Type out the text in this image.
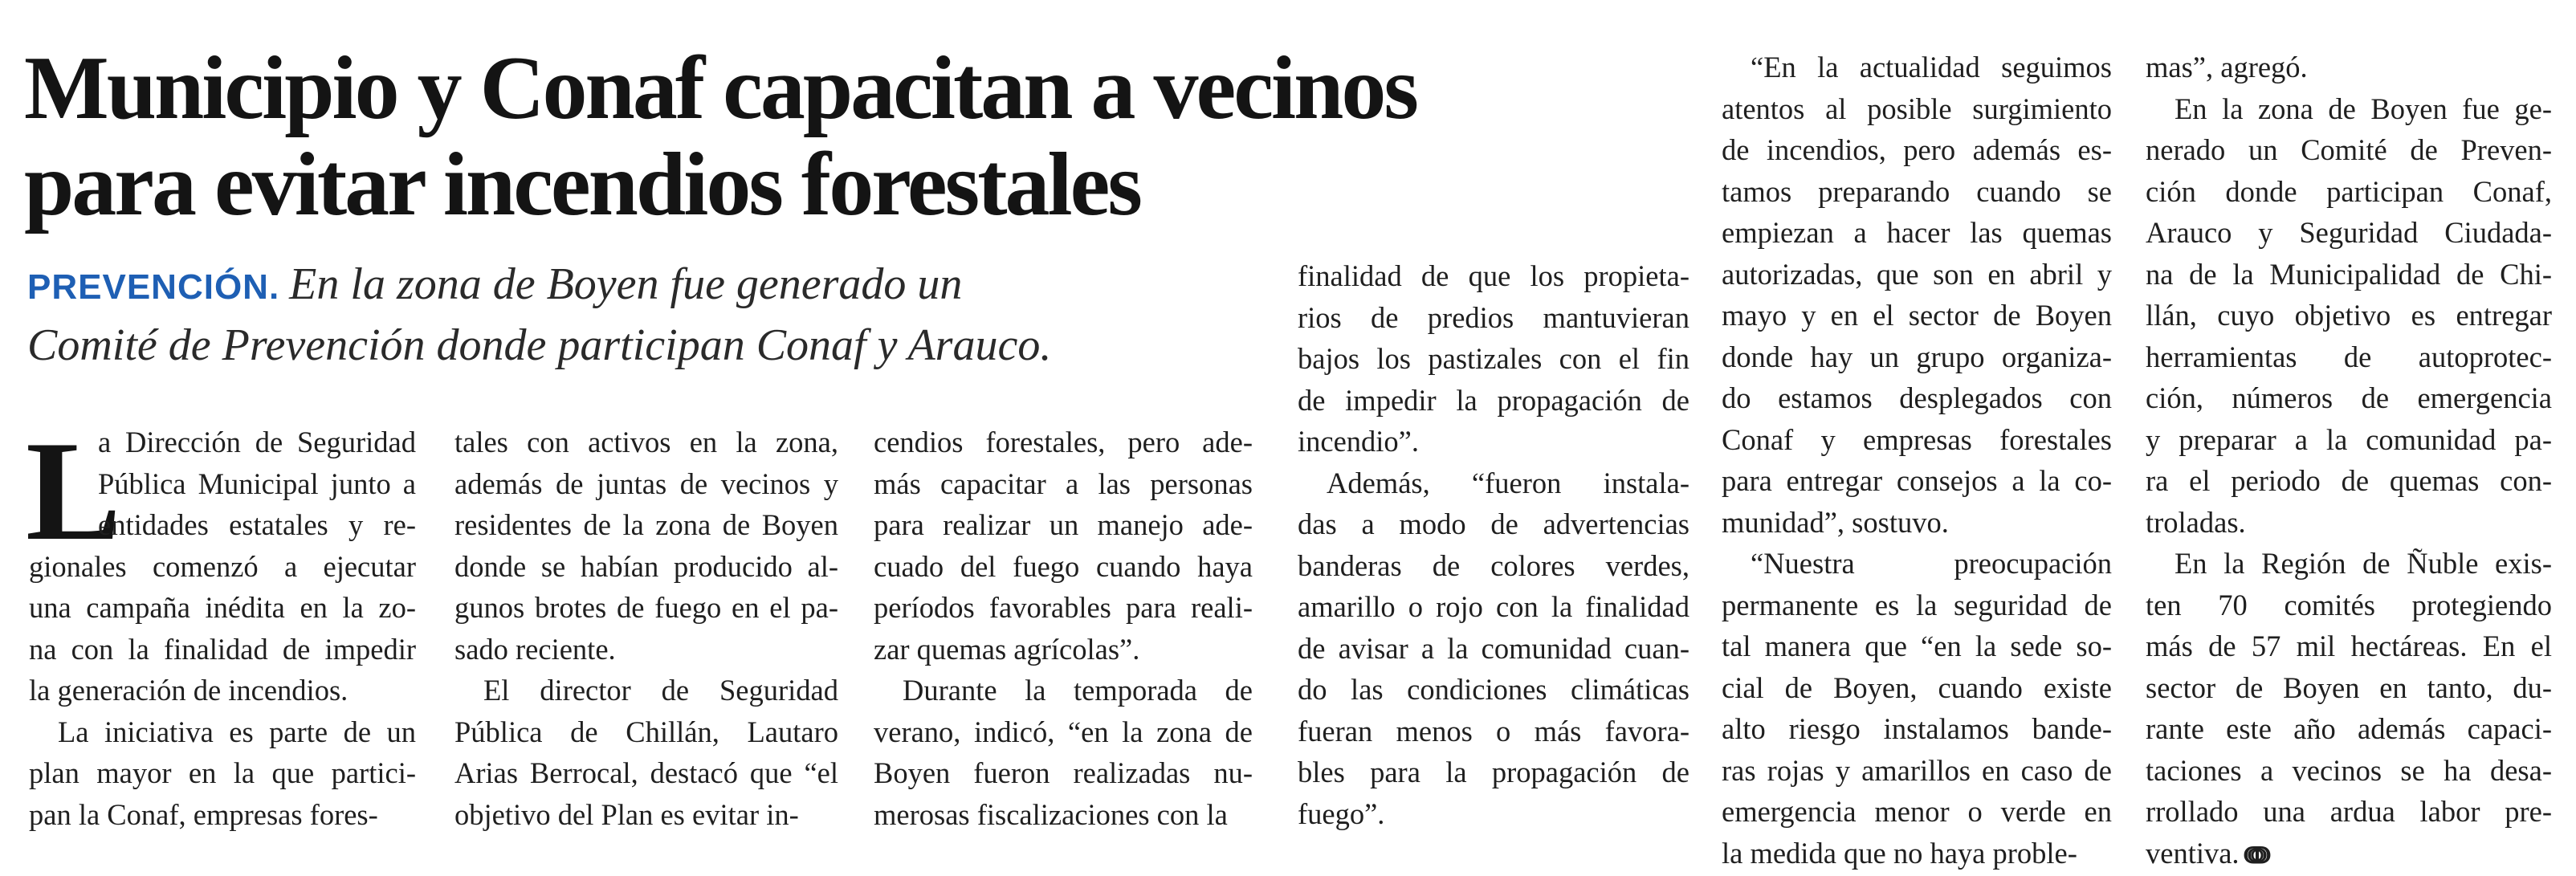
Municipio y Conaf capacitan a vecinos
para evitar incendios forestales
PREVENCIÓN. En la zona de Boyen fue generado un
Comité de Prevención donde participan Conaf y Arauco.
L
a Dirección de Seguridad
Pública Municipal junto a
entidades estatales y re-
gionales comenzó a ejecutar
una campaña inédita en la zo-
na con la finalidad de impedir
la generación de incendios.
La iniciativa es parte de un
plan mayor en la que partici-
pan la Conaf, empresas fores-
tales con activos en la zona,
además de juntas de vecinos y
residentes de la zona de Boyen
donde se habían producido al-
gunos brotes de fuego en el pa-
sado reciente.
El director de Seguridad
Pública de Chillán, Lautaro
Arias Berrocal, destacó que “el
objetivo del Plan es evitar in-
cendios forestales, pero ade-
más capacitar a las personas
para realizar un manejo ade-
cuado del fuego cuando haya
períodos favorables para reali-
zar quemas agrícolas”.
Durante la temporada de
verano, indicó, “en la zona de
Boyen fueron realizadas nu-
merosas fiscalizaciones con la
finalidad de que los propieta-
rios de predios mantuvieran
bajos los pastizales con el fin
de impedir la propagación de
incendio”.
Además, “fueron instala-
das a modo de advertencias
banderas de colores verdes,
amarillo o rojo con la finalidad
de avisar a la comunidad cuan-
do las condiciones climáticas
fueran menos o más favora-
bles para la propagación de
fuego”.
“En la actualidad seguimos
atentos al posible surgimiento
de incendios, pero además es-
tamos preparando cuando se
empiezan a hacer las quemas
autorizadas, que son en abril y
mayo y en el sector de Boyen
donde hay un grupo organiza-
do estamos desplegados con
Conaf y empresas forestales
para entregar consejos a la co-
munidad”, sostuvo.
“Nuestra preocupación
permanente es la seguridad de
tal manera que “en la sede so-
cial de Boyen, cuando existe
alto riesgo instalamos bande-
ras rojas y amarillos en caso de
emergencia menor o verde en
la medida que no haya proble-
mas”, agregó.
En la zona de Boyen fue ge-
nerado un Comité de Preven-
ción donde participan Conaf,
Arauco y Seguridad Ciudada-
na de la Municipalidad de Chi-
llán, cuyo objetivo es entregar
herramientas de autoprotec-
ción, números de emergencia
y preparar a la comunidad pa-
ra el periodo de quemas con-
troladas.
En la Región de Ñuble exis-
ten 70 comités protegiendo
más de 57 mil hectáreas. En el
sector de Boyen en tanto, du-
rante este año además capaci-
taciones a vecinos se ha desa-
rrollado una ardua labor pre-
ventiva. ↈ
